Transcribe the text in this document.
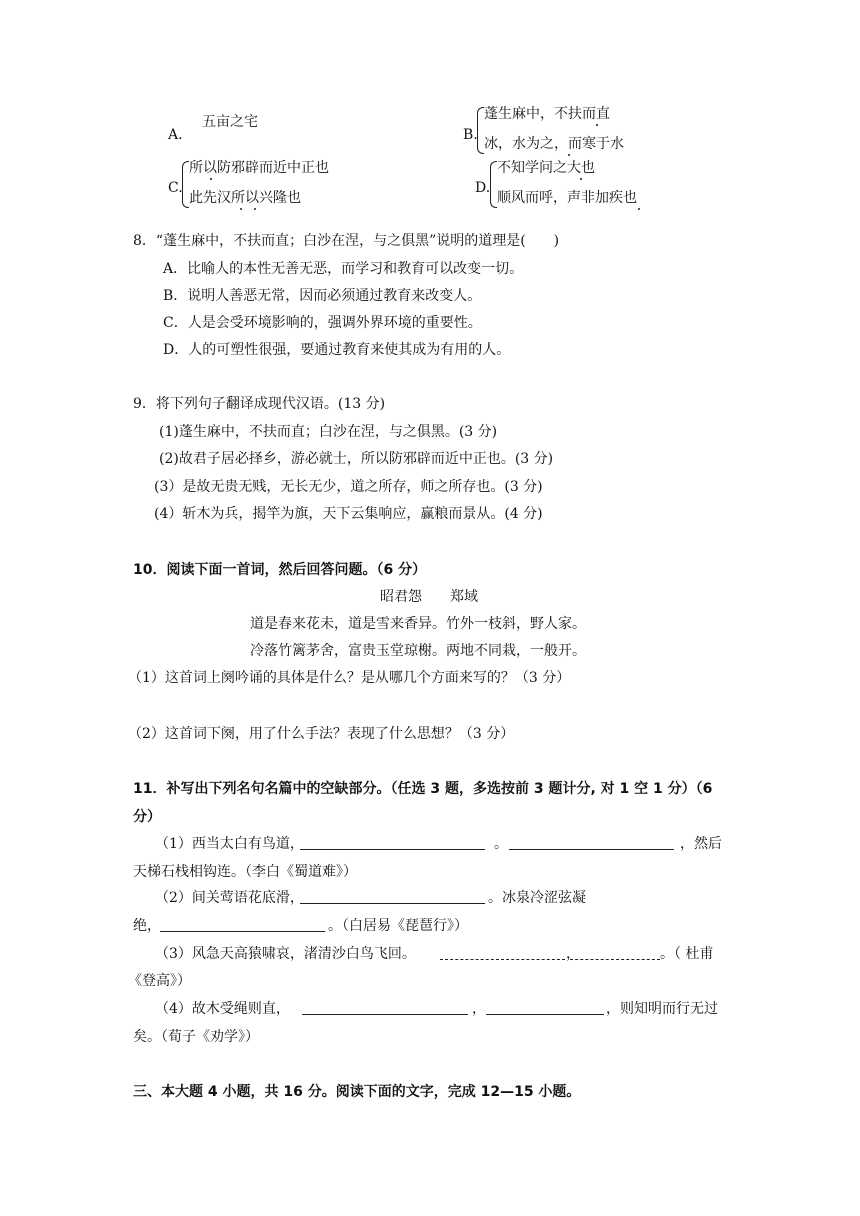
A.
五亩之宅
B.
蓬生麻中，不扶而直
冰，水为之，而寒于水
C.
所以防邪辟而近中正也
此先汉所以兴隆也
D.
不知学问之大也
顺风而呼，声非加疾也
8．“蓬生麻中，不扶而直；白沙在涅，与之俱黑”说明的道理是(　　)
A．比喻人的本性无善无恶，而学习和教育可以改变一切。
B．说明人善恶无常，因而必须通过教育来改变人。
C．人是会受环境影响的，强调外界环境的重要性。
D．人的可塑性很强，要通过教育来使其成为有用的人。
9．将下列句子翻译成现代汉语。(13 分)
(1)蓬生麻中，不扶而直；白沙在涅，与之俱黑。(3 分)
(2)故君子居必择乡，游必就士，所以防邪辟而近中正也。(3 分)
(3）是故无贵无贱，无长无少，道之所存，师之所存也。(3 分)
(4）斩木为兵，揭竿为旗，天下云集响应，赢粮而景从。(4 分)
10．阅读下面一首词，然后回答问题。（6 分）
昭君怨　　郑域
道是春来花未，道是雪来香异。竹外一枝斜，野人家。
冷落竹篱茅舍，富贵玉堂琼榭。两地不同栽，一般开。
（1）这首词上阕吟诵的具体是什么？是从哪几个方面来写的？（3 分）
（2）这首词下阕，用了什么手法？表现了什么思想？（3 分）
11．补写出下列名句名篇中的空缺部分。（任选 3 题，多选按前 3 题计分, 对 1 空 1 分）（6
分）
（1）西当太白有鸟道，	。	，然后
天梯石栈相钩连。（李白《蜀道难》）
（2）间关莺语花底滑，	。冰泉冷涩弦凝
绝，	。（白居易《琵琶行》）
（3）风急天高猿啸哀，渚清沙白鸟飞回。	，	。（ 杜甫
《登高》）
（4）故木受绳则直，	，	，则知明而行无过
矣。（荀子《劝学》）
三、本大题 4 小题，共 16 分。阅读下面的文字，完成 12—15 小题。
